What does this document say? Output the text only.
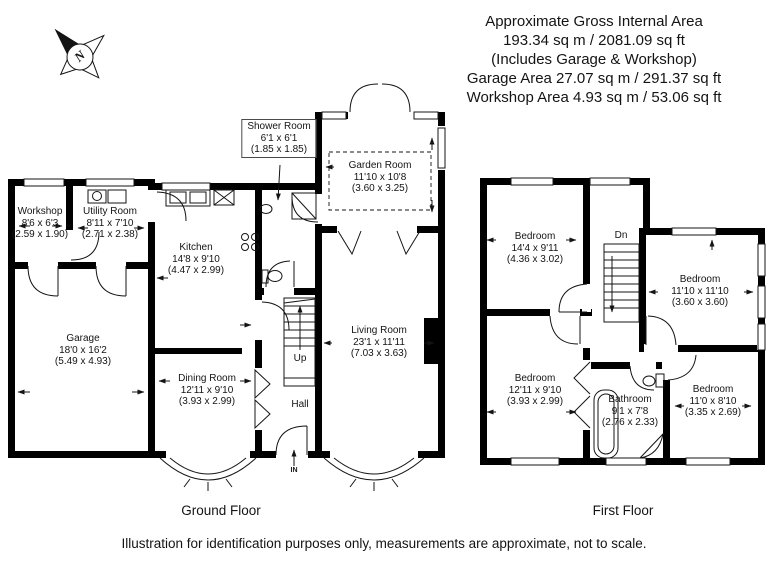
N
Approximate Gross Internal Area
193.34 sq m / 2081.09 sq ft
(Includes Garage & Workshop)
Garage Area 27.07 sq m / 291.37 sq ft
Workshop Area 4.93 sq m / 53.06 sq ft
Workshop
8'6 x 6'3
(2.59 x 1.90)
Utility Room
8'11 x 7'10
(2.71 x 2.38)
Kitchen
14'8 x 9'10
(4.47 x 2.99)
Shower Room
6'1 x 6'1
(1.85 x 1.85)
Garden Room
11'10 x 10'8
(3.60 x 3.25)
Garage
18'0 x 16'2
(5.49 x 4.93)
Dining Room
12'11 x 9'10
(3.93 x 2.99)
Living Room
23'1 x 11'11
(7.03 x 3.63)
Hall
Up
IN
Bedroom
14'4 x 9'11
(4.36 x 3.02)
Bedroom
11'10 x 11'10
(3.60 x 3.60)
Bedroom
12'11 x 9'10
(3.93 x 2.99)	Bathroom
9'1 x 7'8
(2.76 x 2.33)
Bedroom
11'0 x 8'10
(3.35 x 2.69)
Dn
Ground Floor	First Floor
Illustration for identification purposes only, measurements are approximate, not to scale.
